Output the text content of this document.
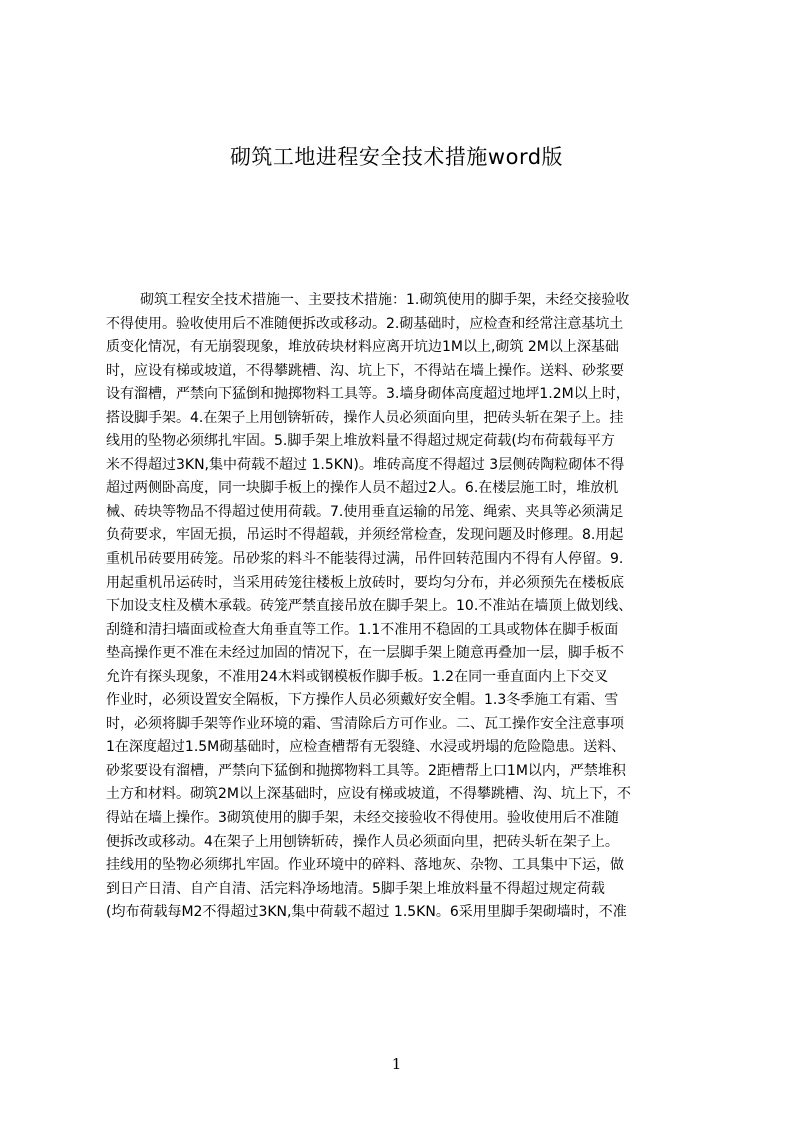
砌筑工地进程安全技术措施word版
砌筑工程安全技术措施一、主要技术措施：1.砌筑使用的脚手架，未经交接验收
不得使用。验收使用后不准随便拆改或移动。2.砌基础时，应检查和经常注意基坑土
质变化情况，有无崩裂现象，堆放砖块材料应离开坑边1M以上,砌筑 2M以上深基础
时，应设有梯或坡道，不得攀跳槽、沟、坑上下，不得站在墙上操作。送料、砂浆要
设有溜槽，严禁向下猛倒和抛掷物料工具等。3.墙身砌体高度超过地坪1.2M以上时，
搭设脚手架。4.在架子上用刨锛斩砖，操作人员必须面向里，把砖头斩在架子上。挂
线用的坠物必须绑扎牢固。5.脚手架上堆放料量不得超过规定荷载(均布荷载每平方
米不得超过3KN,集中荷载不超过 1.5KN)。堆砖高度不得超过 3层侧砖陶粒砌体不得
超过两侧卧高度，同一块脚手板上的操作人员不超过2人。6.在楼层施工时，堆放机
械、砖块等物品不得超过使用荷载。7.使用垂直运输的吊笼、绳索、夹具等必须满足
负荷要求，牢固无损，吊运时不得超载，并须经常检查，发现问题及时修理。8.用起
重机吊砖要用砖笼。吊砂浆的料斗不能装得过满，吊件回转范围内不得有人停留。9.
用起重机吊运砖时，当采用砖笼往楼板上放砖时，要均匀分布，并必须预先在楼板底
下加设支柱及横木承载。砖笼严禁直接吊放在脚手架上。10.不准站在墙顶上做划线、
刮缝和清扫墙面或检查大角垂直等工作。1.1不准用不稳固的工具或物体在脚手板面
垫高操作更不准在未经过加固的情况下，在一层脚手架上随意再叠加一层，脚手板不
允许有探头现象，不准用24木料或钢模板作脚手板。1.2在同一垂直面内上下交叉
作业时，必须设置安全隔板，下方操作人员必须戴好安全帽。1.3冬季施工有霜、雪
时，必须将脚手架等作业环境的霜、雪清除后方可作业。二、瓦工操作安全注意事项
1在深度超过1.5M砌基础时，应检查槽帮有无裂缝、水浸或坍塌的危险隐患。送料、
砂浆要设有溜槽，严禁向下猛倒和抛掷物料工具等。2距槽帮上口1M以内，严禁堆积
土方和材料。砌筑2M以上深基础时，应设有梯或坡道，不得攀跳槽、沟、坑上下，不
得站在墙上操作。3砌筑使用的脚手架，未经交接验收不得使用。验收使用后不准随
便拆改或移动。4在架子上用刨锛斩砖，操作人员必须面向里，把砖头斩在架子上。
挂线用的坠物必须绑扎牢固。作业环境中的碎料、落地灰、杂物、工具集中下运，做
到日产日清、自产自清、活完料净场地清。5脚手架上堆放料量不得超过规定荷载
(均布荷载每M2不得超过3KN,集中荷载不超过 1.5KN。6采用里脚手架砌墙时，不准
1
